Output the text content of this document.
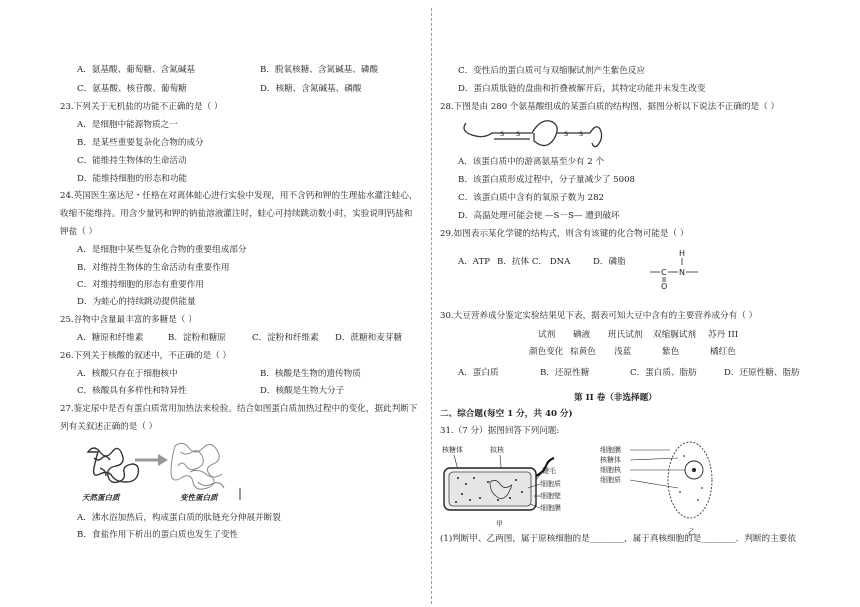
A．氨基酸、葡萄糖、含氮碱基	B．脱氧核糖、含氮碱基、磷酸
C．氨基酸、核苷酸、葡萄糖	D．核糖、含氮碱基、磷酸
23.下列关于无机盐的功能不正确的是（ ）
A．是细胞中能源物质之一
B．是某些重要复杂化合物的成分
C．能维持生物体的生命活动
D．能维持细胞的形态和功能
24.英国医生塞达尼・任格在对离体蛙心进行实验中发现，用不含钙和钾的生理盐水灌注蛙心，
收缩不能维持。用含少量钙和钾的钠盐溶液灌注时，蛙心可持续跳动数小时，实验说明钙盐和
钾盐（ ）
A．是细胞中某些复杂化合物的重要组成部分
B．对维持生物体的生命活动有重要作用
C．对维持细胞的形态有重要作用
D．为蛙心的持续跳动提供能量
25.谷物中含量最丰富的多糖是（ ）
A．糖原和纤维素	B．淀粉和糖原	C．淀粉和纤维素 D．蔗糖和麦芽糖
26.下列关于核酸的叙述中，不正确的是（ ）
A．核酸只存在于细胞核中	B．核酸是生物的遗传物质
C．核酸具有多样性和特异性	D．核酸是生物大分子
27.鉴定尿中是否有蛋白质常用加热法来检验。结合如图蛋白质加热过程中的变化，据此判断下
列有关叙述正确的是（ ）
天然蛋白质	变性蛋白质
A．沸水浴加热后，构成蛋白质的肽链充分伸展并断裂
B．食盐作用下析出的蛋白质也发生了变性
C．变性后的蛋白质可与双缩脲试剂产生紫色反应
D．蛋白质肽链的盘曲和折叠被解开后，其特定功能并未发生改变
28.下图是由 280 个氨基酸组成的某蛋白质的结构图，据图分析以下说法不正确的是（ ）
S S	S S
A．该蛋白质中的游离氨基至少有 2 个
B．该蛋白质形成过程中，分子量减少了 5008
C．该蛋白质中含有的氧原子数为 282
D．高温处理可能会使 —S－S— 遭到破坏
29.如图表示某化学键的结构式，则含有该键的化合物可能是（ ）
A．ATP B．抗体 C． DNA	D．磷脂
H
C N
O
30.大豆营养成分鉴定实验结果见下表，据表可知大豆中含有的主要营养成分有（ ）
试剂 碘液 班氏试剂 双缩脲试剂 苏丹 III
颜色变化 棕黄色 浅蓝	紫色	橘红色
A．蛋白质	B．还原性糖	C．蛋白质、脂肪	D．还原性糖、脂肪
第 II 卷（非选择题）
二、综合题(每空 1 分，共 40 分)
31.（7 分）据图回答下列问题:
核糖体	拟核
鞭毛
细胞质
细胞壁
细胞膜
甲
细胞膜
核糖体
细胞核
细胞质
乙
(1)判断甲、乙两图，属于原核细胞的是________，属于真核细胞的是________．判断的主要依
